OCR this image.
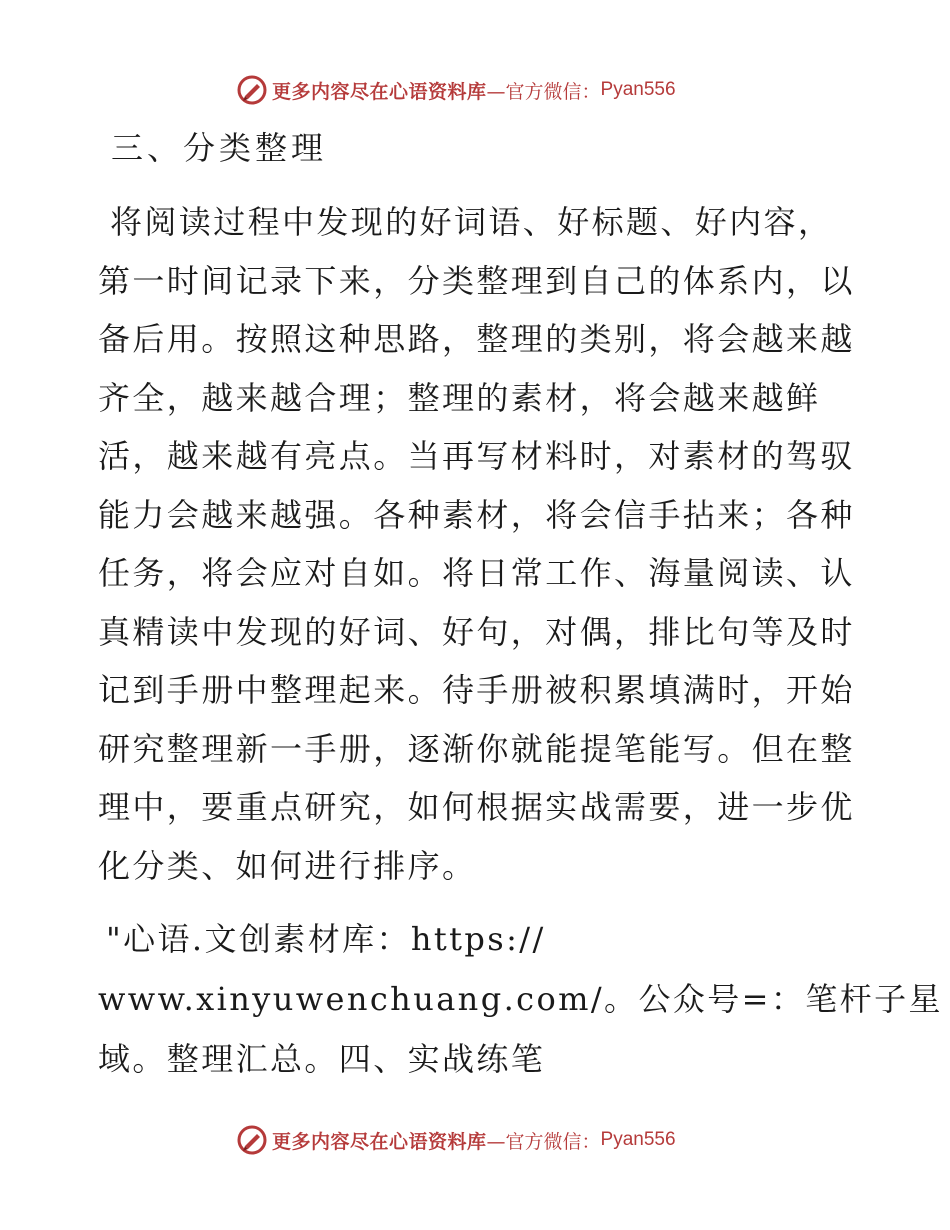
更多内容尽在心语资料库 —官方微信： Pyan556
三、分类整理
将阅读过程中发现的好词语、好标题、好内容，
第一时间记录下来，分类整理到自己的体系内，以
备后用。按照这种思路，整理的类别，将会越来越
齐全，越来越合理；整理的素材，将会越来越鲜
活，越来越有亮点。当再写材料时，对素材的驾驭
能力会越来越强。各种素材，将会信手拈来；各种
任务，将会应对自如。将日常工作、海量阅读、认
真精读中发现的好词、好句，对偶，排比句等及时
记到手册中整理起来。待手册被积累填满时，开始
研究整理新一手册，逐渐你就能提笔能写。但在整
理中，要重点研究，如何根据实战需要，进一步优
化分类、如何进行排序。
"心语.文创素材库：https://
www.xinyuwenchuang.com/。公众号=：笔杆子星
域。整理汇总。四、实战练笔
更多内容尽在心语资料库 —官方微信： Pyan556
